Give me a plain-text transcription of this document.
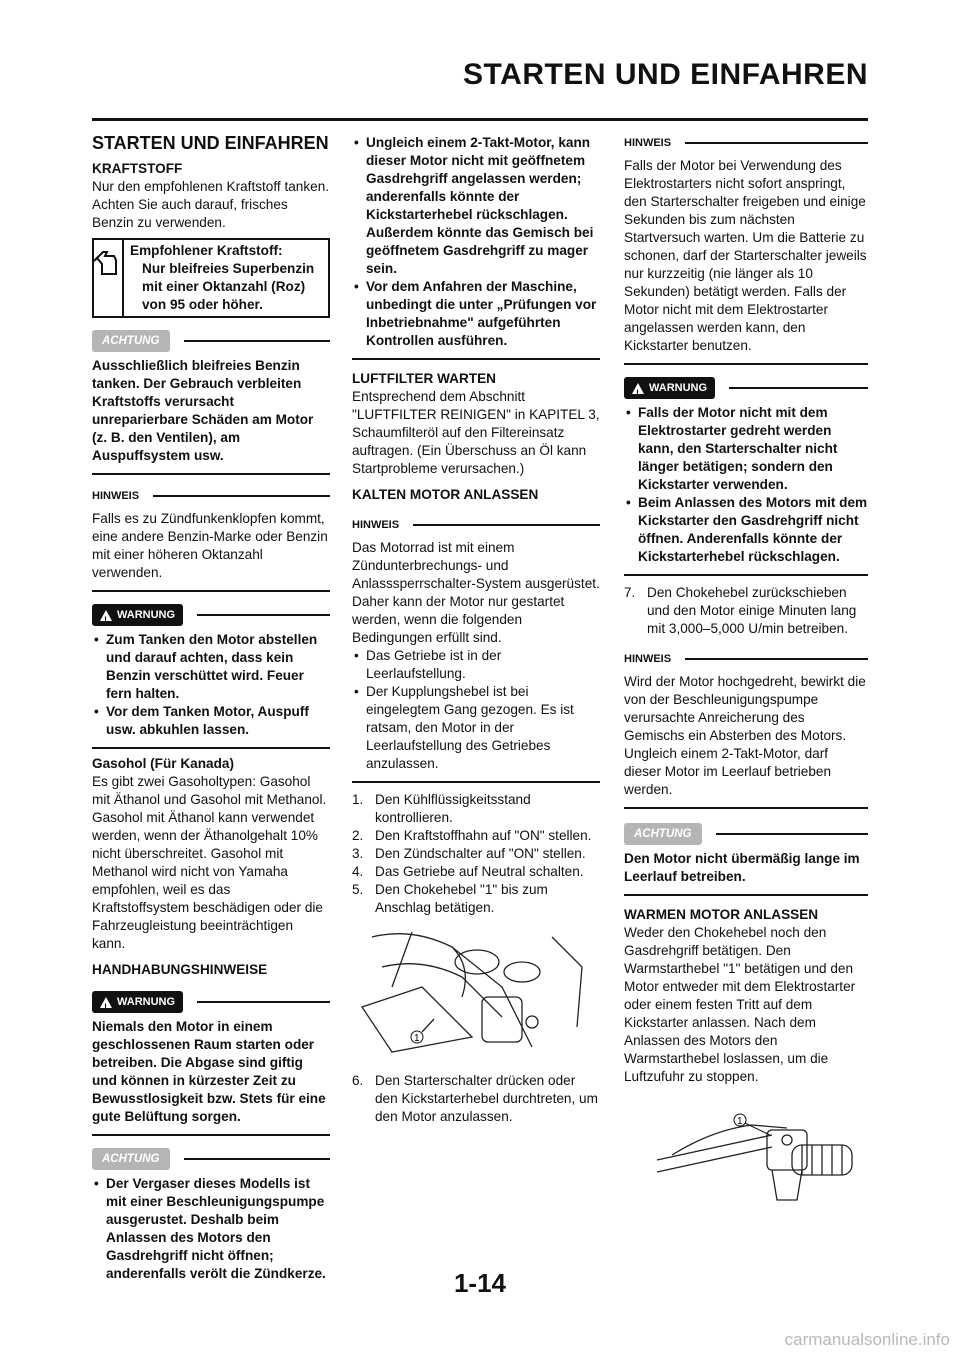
STARTEN UND EINFAHREN
STARTEN UND EINFAHREN
KRAFTSTOFF

Nur den empfohlenen Kraftstoff tanken. Achten Sie auch darauf, frisches Benzin zu verwenden.

Empfohlener Kraftstoff:
Nur bleifreies Superbenzin mit einer Oktanzahl (Roz) von 95 oder höher.
ACHTUNG

Ausschließlich bleifreies Benzin tanken. Der Gebrauch verbleiten Kraftstoffs verursacht unreparierbare Schäden am Motor (z. B. den Ventilen), am Auspuffsystem usw.

HINWEIS

Falls es zu Zündfunkenklopfen kommt, eine andere Benzin-Marke oder Benzin mit einer höheren Oktanzahl verwenden.

! WARNUNG
• Zum Tanken den Motor abstellen und darauf achten, dass kein Benzin verschüttet wird. Feuer fern halten.
• Vor dem Tanken Motor, Auspuff usw. abkuhlen lassen.
Gasohol (Für Kanada)

Es gibt zwei Gasoholtypen: Gasohol mit Äthanol und Gasohol mit Methanol. Gasohol mit Äthanol kann verwendet werden, wenn der Äthanolgehalt 10% nicht überschreitet. Gasohol mit Methanol wird nicht von Yamaha empfohlen, weil es das Kraftstoffsystem beschädigen oder die Fahrzeugleistung beeinträchtigen kann.

HANDHABUNGSHINWEISE
! WARNUNG

Niemals den Motor in einem geschlossenen Raum starten oder betreiben. Die Abgase sind giftig und können in kürzester Zeit zu Bewusstlosigkeit bzw. Stets für eine gute Belüftung sorgen.

ACHTUNG
• Der Vergaser dieses Modells ist mit einer Beschleunigungspumpe ausgerustet. Deshalb beim Anlassen des Motors den Gasdrehgriff nicht öffnen; anderenfalls verölt die Zündkerze.
• Ungleich einem 2-Takt-Motor, kann dieser Motor nicht mit geöffnetem Gasdrehgriff angelassen werden; anderenfalls könnte der Kickstarterhebel rückschlagen. Außerdem könnte das Gemisch bei geöffnetem Gasdrehgriff zu mager sein.
• Vor dem Anfahren der Maschine, unbedingt die unter „Prüfungen vor Inbetriebnahme" aufgeführten Kontrollen ausführen.
LUFTFILTER WARTEN

Entsprechend dem Abschnitt "LUFTFILTER REINIGEN" in KAPITEL 3, Schaumfilteröl auf den Filtereinsatz auftragen. (Ein Überschuss an Öl kann Startprobleme verursachen.)

KALTEN MOTOR ANLASSEN
HINWEIS

Das Motorrad ist mit einem Zündunterbrechungs- und Anlasssperrschalter-System ausgerüstet. Daher kann der Motor nur gestartet werden, wenn die folgenden Bedingungen erfüllt sind.

• Das Getriebe ist in der Leerlaufstellung.
• Der Kupplungshebel ist bei eingelegtem Gang gezogen. Es ist ratsam, den Motor in der Leerlaufstellung des Getriebes anzulassen.
1. Den Kühlflüssigkeitsstand kontrollieren.
2. Den Kraftstoffhahn auf "ON" stellen.
3. Den Zündschalter auf "ON" stellen.
4. Das Getriebe auf Neutral schalten.
5. Den Chokehebel "1" bis zum Anschlag betätigen.
1
6. Den Starterschalter drücken oder den Kickstarterhebel durchtreten, um den Motor anzulassen.
HINWEIS

Falls der Motor bei Verwendung des Elektrostarters nicht sofort anspringt, den Starterschalter freigeben und einige Sekunden bis zum nächsten Startversuch warten. Um die Batterie zu schonen, darf der Starterschalter jeweils nur kurzzeitig (nie länger als 10 Sekunden) betätigt werden. Falls der Motor nicht mit dem Elektrostarter angelassen werden kann, den Kickstarter benutzen.

! WARNUNG
• Falls der Motor nicht mit dem Elektrostarter gedreht werden kann, den Starterschalter nicht länger betätigen; sondern den Kickstarter verwenden.
• Beim Anlassen des Motors mit dem Kickstarter den Gasdrehgriff nicht öffnen. Anderenfalls könnte der Kickstarterhebel rückschlagen.
7. Den Chokehebel zurückschieben und den Motor einige Minuten lang mit 3,000–5,000 U/min betreiben.
HINWEIS

Wird der Motor hochgedreht, bewirkt die von der Beschleunigungspumpe verursachte Anreicherung des Gemischs ein Absterben des Motors. Ungleich einem 2-Takt-Motor, darf dieser Motor im Leerlauf betrieben werden.

ACHTUNG

Den Motor nicht übermäßig lange im Leerlauf betreiben.

WARMEN MOTOR ANLASSEN

Weder den Chokehebel noch den Gasdrehgriff betätigen. Den Warmstarthebel "1" betätigen und den Motor entweder mit dem Elektrostarter oder einem festen Tritt auf dem Kickstarter anlassen. Nach dem Anlassen des Motors den Warmstarthebel loslassen, um die Luftzufuhr zu stoppen.

1
1-14
carmanualsonline.info
